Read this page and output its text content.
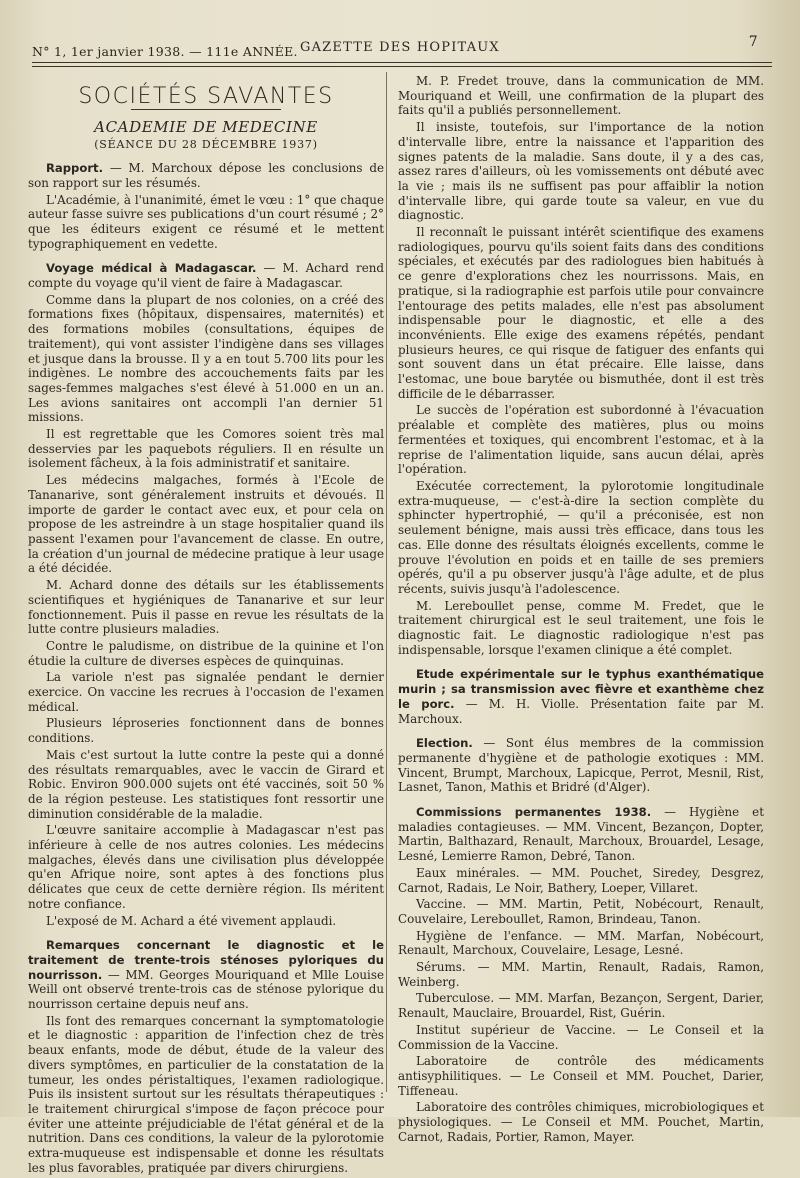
N° 1, 1er janvier 1938. — 111e ANNÉE. GAZETTE DES HOPITAUX	7
SOCIÉTÉS SAVANTES
ACADEMIE DE MEDECINE
(SÉANCE DU 28 DÉCEMBRE 1937)

Rapport. — M. Marchoux dépose les conclusions de son rapport sur les résumés.

L'Académie, à l'unanimité, émet le vœu : 1° que chaque auteur fasse suivre ses publications d'un court résumé ; 2° que les éditeurs exigent ce résumé et le mettent typographiquement en vedette.

Voyage médical à Madagascar. — M. Achard rend compte du voyage qu'il vient de faire à Madagascar.

Comme dans la plupart de nos colonies, on a créé des formations fixes (hôpitaux, dispensaires, maternités) et des formations mobiles (consultations, équipes de traitement), qui vont assister l'indigène dans ses villages et jusque dans la brousse. Il y a en tout 5.700 lits pour les indigènes. Le nombre des accouchements faits par les sages-femmes malgaches s'est élevé à 51.000 en un an. Les avions sanitaires ont accompli l'an dernier 51 missions.

Il est regrettable que les Comores soient très mal desservies par les paquebots réguliers. Il en résulte un isolement fâcheux, à la fois administratif et sanitaire.

Les médecins malgaches, formés à l'Ecole de Tananarive, sont généralement instruits et dévoués. Il importe de garder le contact avec eux, et pour cela on propose de les astreindre à un stage hospitalier quand ils passent l'examen pour l'avancement de classe. En outre, la création d'un journal de médecine pratique à leur usage a été décidée.

M. Achard donne des détails sur les établissements scientifiques et hygiéniques de Tananarive et sur leur fonctionnement. Puis il passe en revue les résultats de la lutte contre plusieurs maladies.

Contre le paludisme, on distribue de la quinine et l'on étudie la culture de diverses espèces de quinquinas.

La variole n'est pas signalée pendant le dernier exercice. On vaccine les recrues à l'occasion de l'examen médical.

Plusieurs léproseries fonctionnent dans de bonnes conditions.

Mais c'est surtout la lutte contre la peste qui a donné des résultats remarquables, avec le vaccin de Girard et Robic. Environ 900.000 sujets ont été vaccinés, soit 50 % de la région pesteuse. Les statistiques font ressortir une diminution considérable de la maladie.

L'œuvre sanitaire accomplie à Madagascar n'est pas inférieure à celle de nos autres colonies. Les médecins malgaches, élevés dans une civilisation plus développée qu'en Afrique noire, sont aptes à des fonctions plus délicates que ceux de cette dernière région. Ils méritent notre confiance.

L'exposé de M. Achard a été vivement applaudi.

Remarques concernant le diagnostic et le traitement de trente-trois sténoses pyloriques du nourrisson. — MM. Georges Mouriquand et Mlle Louise Weill ont observé trente-trois cas de sténose pylorique du nourrisson certaine depuis neuf ans.

Ils font des remarques concernant la symptomatologie et le diagnostic : apparition de l'infection chez de très beaux enfants, mode de début, étude de la valeur des divers symptômes, en particulier de la constatation de la tumeur, les ondes péristaltiques, l'examen radiologique. Puis ils insistent surtout sur les résultats thérapeutiques : le traitement chirurgical s'impose de façon précoce pour éviter une atteinte préjudiciable de l'état général et de la nutrition. Dans ces conditions, la valeur de la pylorotomie extra-muqueuse est indispensable et donne les résultats les plus favorables, pratiquée par divers chirurgiens.

M. P. Fredet trouve, dans la communication de MM. Mouriquand et Weill, une confirmation de la plupart des faits qu'il a publiés personnellement.

Il insiste, toutefois, sur l'importance de la notion d'intervalle libre, entre la naissance et l'apparition des signes patents de la maladie. Sans doute, il y a des cas, assez rares d'ailleurs, où les vomissements ont débuté avec la vie ; mais ils ne suffisent pas pour affaiblir la notion d'intervalle libre, qui garde toute sa valeur, en vue du diagnostic.

Il reconnaît le puissant intérêt scientifique des examens radiologiques, pourvu qu'ils soient faits dans des conditions spéciales, et exécutés par des radiologues bien habitués à ce genre d'explorations chez les nourrissons. Mais, en pratique, si la radiographie est parfois utile pour convaincre l'entourage des petits malades, elle n'est pas absolument indispensable pour le diagnostic, et elle a des inconvénients. Elle exige des examens répétés, pendant plusieurs heures, ce qui risque de fatiguer des enfants qui sont souvent dans un état précaire. Elle laisse, dans l'estomac, une boue barytée ou bismuthée, dont il est très difficile de le débarrasser.

Le succès de l'opération est subordonné à l'évacuation préalable et complète des matières, plus ou moins fermentées et toxiques, qui encombrent l'estomac, et à la reprise de l'alimentation liquide, sans aucun délai, après l'opération.

Exécutée correctement, la pylorotomie longitudinale extra-muqueuse, — c'est-à-dire la section complète du sphincter hypertrophié, — qu'il a préconisée, est non seulement bénigne, mais aussi très efficace, dans tous les cas. Elle donne des résultats éloignés excellents, comme le prouve l'évolution en poids et en taille de ses premiers opérés, qu'il a pu observer jusqu'à l'âge adulte, et de plus récents, suivis jusqu'à l'adolescence.

M. Lereboullet pense, comme M. Fredet, que le traitement chirurgical est le seul traitement, une fois le diagnostic fait. Le diagnostic radiologique n'est pas indispensable, lorsque l'examen clinique a été complet.

Etude expérimentale sur le typhus exanthématique murin ; sa transmission avec fièvre et exanthème chez le porc. — M. H. Violle. Présentation faite par M. Marchoux.

Election. — Sont élus membres de la commission permanente d'hygiène et de pathologie exotiques : MM. Vincent, Brumpt, Marchoux, Lapicque, Perrot, Mesnil, Rist, Lasnet, Tanon, Mathis et Bridré (d'Alger).

Commissions permanentes 1938. — Hygiène et maladies contagieuses. — MM. Vincent, Bezançon, Dopter, Martin, Balthazard, Renault, Marchoux, Brouardel, Lesage, Lesné, Lemierre Ramon, Debré, Tanon.

Eaux minérales. — MM. Pouchet, Siredey, Desgrez, Carnot, Radais, Le Noir, Bathery, Loeper, Villaret.

Vaccine. — MM. Martin, Petit, Nobécourt, Renault, Couvelaire, Lereboullet, Ramon, Brindeau, Tanon.

Hygiène de l'enfance. — MM. Marfan, Nobécourt, Renault, Marchoux, Couvelaire, Lesage, Lesné.

Sérums. — MM. Martin, Renault, Radais, Ramon, Weinberg.

Tuberculose. — MM. Marfan, Bezançon, Sergent, Darier, Renault, Mauclaire, Brouardel, Rist, Guérin.

Institut supérieur de Vaccine. — Le Conseil et la Commission de la Vaccine.

Laboratoire de contrôle des médicaments antisyphilitiques. — Le Conseil et MM. Pouchet, Darier, Tiffeneau.

Laboratoire des contrôles chimiques, microbiologiques et physiologiques. — Le Conseil et MM. Pouchet, Martin, Carnot, Radais, Portier, Ramon, Mayer.
